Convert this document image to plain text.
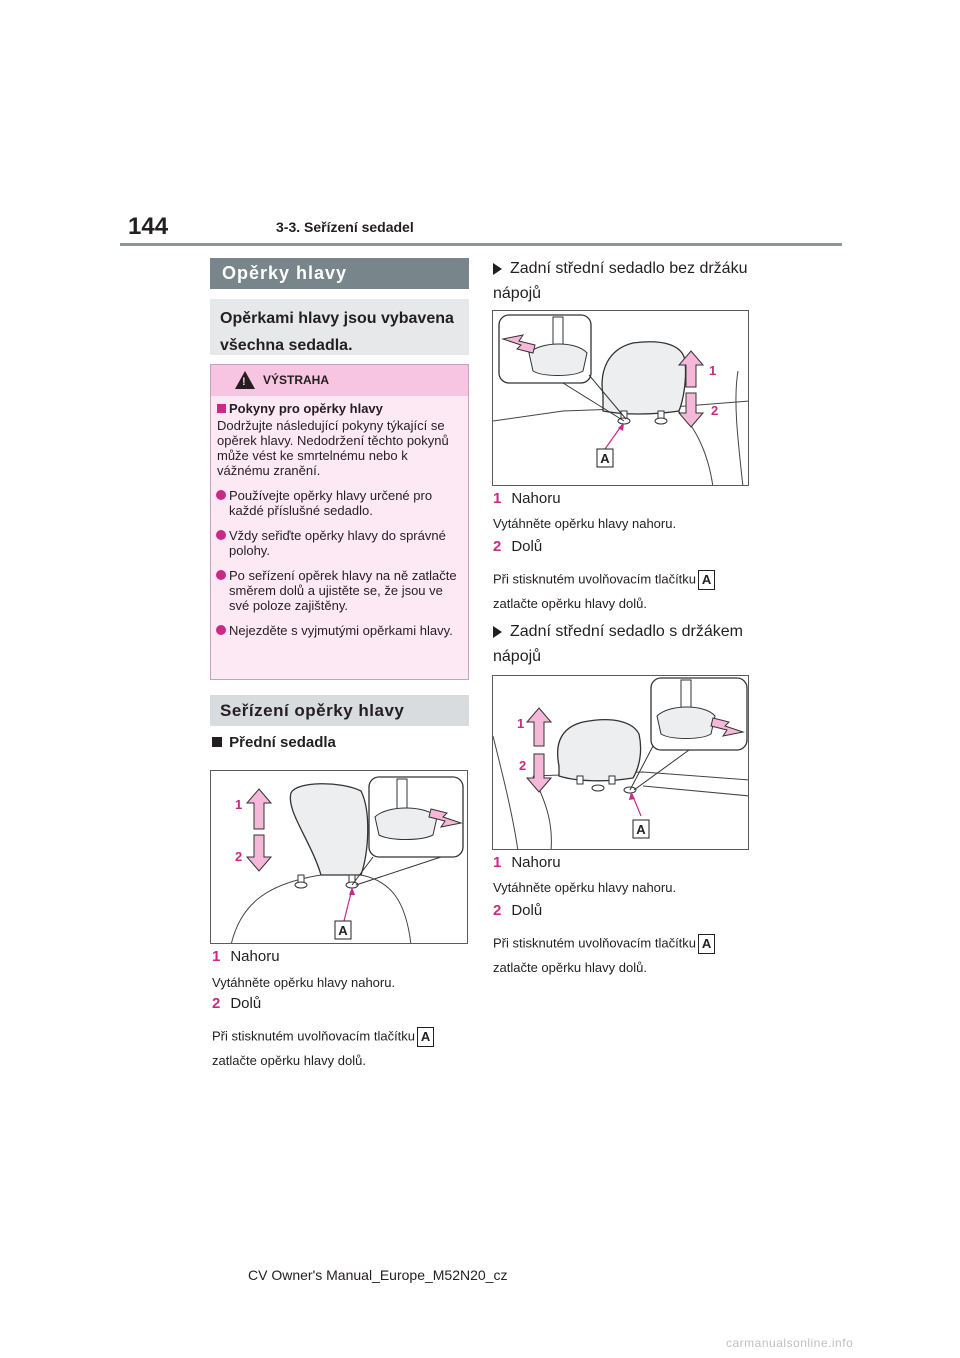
144	3-3. Seřízení sedadel
Opěrky hlavy
Opěrkami hlavy jsou vybavena všechna sedadla.
! VÝSTRAHA
Pokyny pro opěrky hlavy
Dodržujte následující pokyny týkající se opěrek hlavy. Nedodržení těchto pokynů může vést ke smrtelnému nebo k vážnému zranění.
Používejte opěrky hlavy určené pro každé příslušné sedadlo.
Vždy seřiďte opěrky hlavy do správné polohy.
Po seřízení opěrek hlavy na ně zatlačte směrem dolů a ujistěte se, že jsou ve své poloze zajištěny.
Nejezděte s vyjmutými opěrkami hlavy.
Seřízení opěrky hlavy
Přední sedadla
A
1
2
1 Nahoru
Vytáhněte opěrku hlavy nahoru.
2 Dolů
Při stisknutém uvolňovacím tlačítku A
zatlačte opěrku hlavy dolů.
Zadní střední sedadlo bez držáku nápojů
A
1
2
1 Nahoru
Vytáhněte opěrku hlavy nahoru.
2 Dolů
Při stisknutém uvolňovacím tlačítku A
zatlačte opěrku hlavy dolů.
Zadní střední sedadlo s držákem nápojů
A
1
2
1 Nahoru
Vytáhněte opěrku hlavy nahoru.
2 Dolů
Při stisknutém uvolňovacím tlačítku A
zatlačte opěrku hlavy dolů.
CV Owner's Manual_Europe_M52N20_cz
carmanualsonline.info
